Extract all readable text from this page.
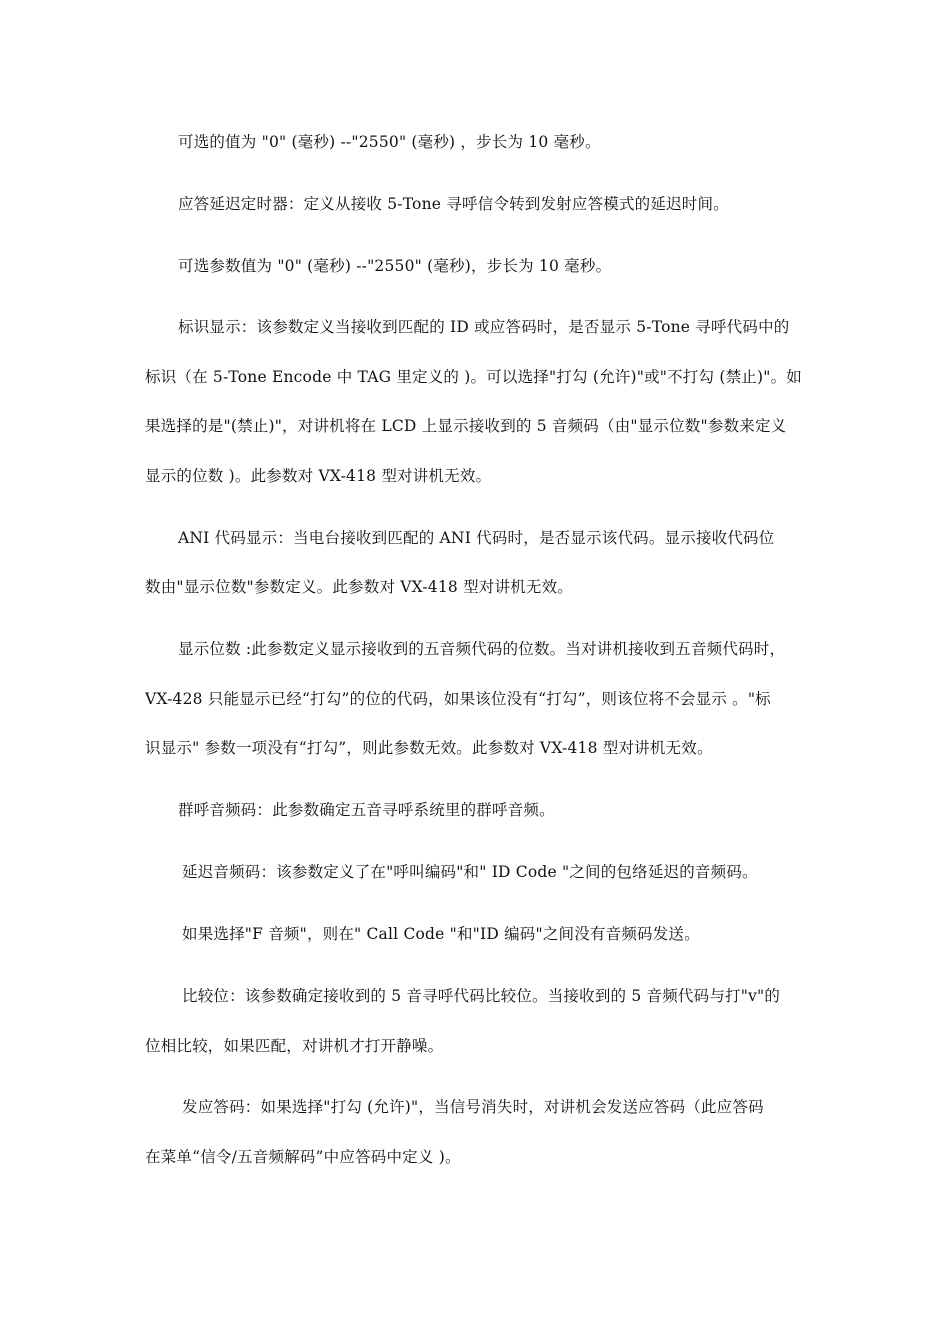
可选的值为 "0" (毫秒) --"2550" (毫秒) ，步长为 10 毫秒。
应答延迟定时器：定义从接收 5-Tone 寻呼信令转到发射应答模式的延迟时间。
可选参数值为 "0" (毫秒) --"2550" (毫秒)，步长为 10 毫秒。
标识显示：该参数定义当接收到匹配的 ID 或应答码时，是否显示 5-Tone 寻呼代码中的
标识（在 5-Tone Encode 中 TAG 里定义的 )。可以选择"打勾 (允许)"或"不打勾 (禁止)"。如
果选择的是"(禁止)"，对讲机将在 LCD 上显示接收到的 5 音频码（由"显示位数"参数来定义
显示的位数 )。此参数对 VX-418 型对讲机无效。
ANI 代码显示：当电台接收到匹配的 ANI 代码时，是否显示该代码。显示接收代码位
数由"显示位数"参数定义。此参数对 VX-418 型对讲机无效。
显示位数 :此参数定义显示接收到的五音频代码的位数。当对讲机接收到五音频代码时，
VX-428 只能显示已经“打勾”的位的代码，如果该位没有“打勾”，则该位将不会显示 。"标
识显示" 参数一项没有“打勾”，则此参数无效。此参数对 VX-418 型对讲机无效。
群呼音频码：此参数确定五音寻呼系统里的群呼音频。
延迟音频码：该参数定义了在"呼叫编码"和" ID Code "之间的包络延迟的音频码。
如果选择"F 音频"，则在" Call Code "和"ID 编码"之间没有音频码发送。
比较位：该参数确定接收到的 5 音寻呼代码比较位。当接收到的 5 音频代码与打"v"的
位相比较，如果匹配，对讲机才打开静噪。
发应答码：如果选择"打勾 (允许)"，当信号消失时，对讲机会发送应答码（此应答码
在菜单“信令/五音频解码”中应答码中定义 )。
